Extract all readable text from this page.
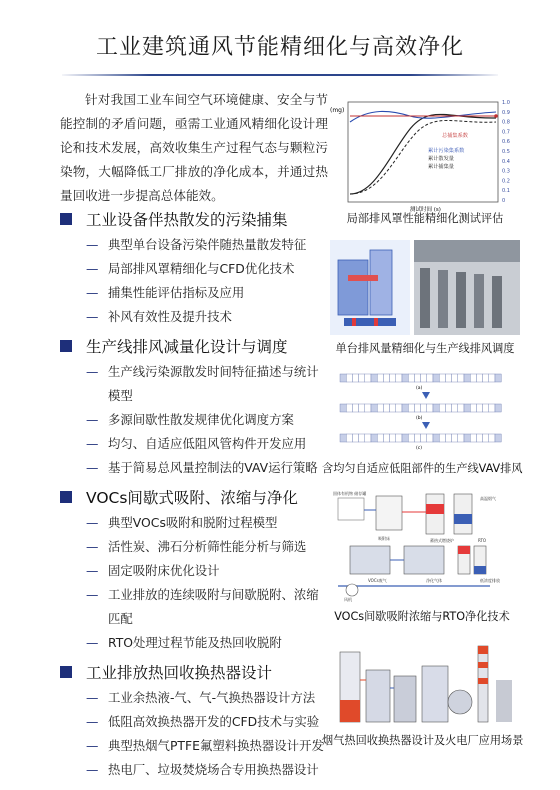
工业建筑通风节能精细化与高效净化

针对我国工业车间空气环境健康、安全与节能控制的矛盾问题，亟需工业通风精细化设计理论和技术发展，高效收集生产过程气态与颗粒污染物，大幅降低工厂排放的净化成本，并通过热量回收进一步提高总体能效。

工业设备伴热散发的污染捕集
— 典型单台设备污染伴随热量散发特征
— 局部排风罩精细化与CFD优化技术
— 捕集性能评估指标及应用
— 补风有效性及提升技术
生产线排风减量化设计与调度
— 生产线污染源散发时间特征描述与统计模型
— 多源间歇性散发规律优化调度方案
— 均匀、自适应低阻风管构件开发应用
— 基于简易总风量控制法的VAV运行策略
VOCs间歇式吸附、浓缩与净化
— 典型VOCs吸附和脱附过程模型
— 活性炭、沸石分析筛性能分析与筛选
— 固定吸附床优化设计
— 工业排放的连续吸附与间歇脱附、浓缩匹配
— RTO处理过程节能及热回收脱附
工业排放热回收换热器设计
— 工业余热液-气、气-气换热器设计方法
— 低阻高效换热器开发的CFD技术与实验
— 典型热烟气PTFE氟塑料换热器设计开发
— 热电厂、垃圾焚烧场合专用换热器设计
(mg)
1.0
0.9
0.8
0.7
0.6
0.5
0.4
0.3
0.2
0.1
0
总捕集系数
累计污染集系数
累计散发量
累计捕集量
测试时间 (s)
局部排风罩性能精细化测试评估
单台排风量精细化与生产线排风调度
(a)
(b)
(c)
含均匀自适应低阻部件的生产线VAV排风
固体有机物 储存罐
吸附床	蓄热式燃烧炉	RTO
风机
VOCs废气	净化气体
高温烟气
低浓度排放
VOCs间歇吸附浓缩与RTO净化技术
烟气热回收换热器设计及火电厂应用场景
